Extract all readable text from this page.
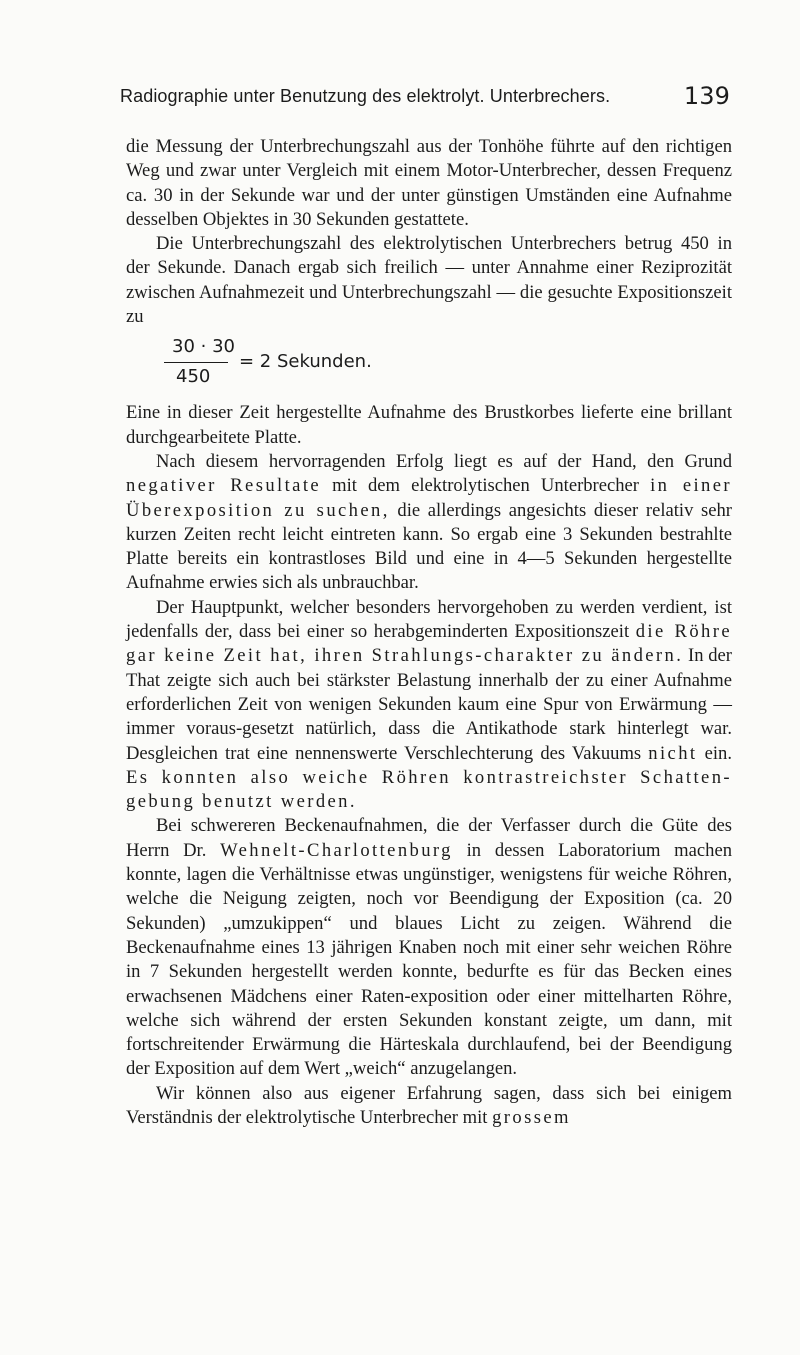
Radiographie unter Benutzung des elektrolyt. Unterbrechers.	139

die Messung der Unterbrechungszahl aus der Tonhöhe führte auf den richtigen Weg und zwar unter Vergleich mit einem Motor-Unterbrecher, dessen Frequenz ca. 30 in der Sekunde war und der unter günstigen Umständen eine Aufnahme desselben Objektes in 30 Sekunden gestattete.

Die Unterbrechungszahl des elektrolytischen Unterbrechers betrug 450 in der Sekunde. Danach ergab sich freilich — unter Annahme einer Reziprozität zwischen Aufnahmezeit und Unterbrechungszahl — die gesuchte Expositionszeit zu

30 · 30
450
= 2 Sekunden.

Eine in dieser Zeit hergestellte Aufnahme des Brustkorbes lieferte eine brillant durchgearbeitete Platte.

Nach diesem hervorragenden Erfolg liegt es auf der Hand, den Grund negativer Resultate mit dem elektrolytischen Unterbrecher in einer Überexposition zu suchen, die allerdings angesichts dieser relativ sehr kurzen Zeiten recht leicht eintreten kann. So ergab eine 3 Sekunden bestrahlte Platte bereits ein kontrastloses Bild und eine in 4—5 Sekunden hergestellte Aufnahme erwies sich als unbrauchbar.

Der Hauptpunkt, welcher besonders hervorgehoben zu werden verdient, ist jedenfalls der, dass bei einer so herabgeminderten Expositionszeit die Röhre gar keine Zeit hat, ihren Strahlungs-charakter zu ändern. In der That zeigte sich auch bei stärkster Belastung innerhalb der zu einer Aufnahme erforderlichen Zeit von wenigen Sekunden kaum eine Spur von Erwärmung — immer voraus-gesetzt natürlich, dass die Antikathode stark hinterlegt war. Desgleichen trat eine nennenswerte Verschlechterung des Vakuums nicht ein. Es konnten also weiche Röhren kontrastreichster Schatten-gebung benutzt werden.

Bei schwereren Beckenaufnahmen, die der Verfasser durch die Güte des Herrn Dr. Wehnelt-Charlottenburg in dessen Laboratorium machen konnte, lagen die Verhältnisse etwas ungünstiger, wenigstens für weiche Röhren, welche die Neigung zeigten, noch vor Beendigung der Exposition (ca. 20 Sekunden) „umzukippen“ und blaues Licht zu zeigen. Während die Beckenaufnahme eines 13 jährigen Knaben noch mit einer sehr weichen Röhre in 7 Sekunden hergestellt werden konnte, bedurfte es für das Becken eines erwachsenen Mädchens einer Raten-exposition oder einer mittelharten Röhre, welche sich während der ersten Sekunden konstant zeigte, um dann, mit fortschreitender Erwärmung die Härteskala durchlaufend, bei der Beendigung der Exposition auf dem Wert „weich“ anzugelangen.

Wir können also aus eigener Erfahrung sagen, dass sich bei einigem Verständnis der elektrolytische Unterbrecher mit grossem
